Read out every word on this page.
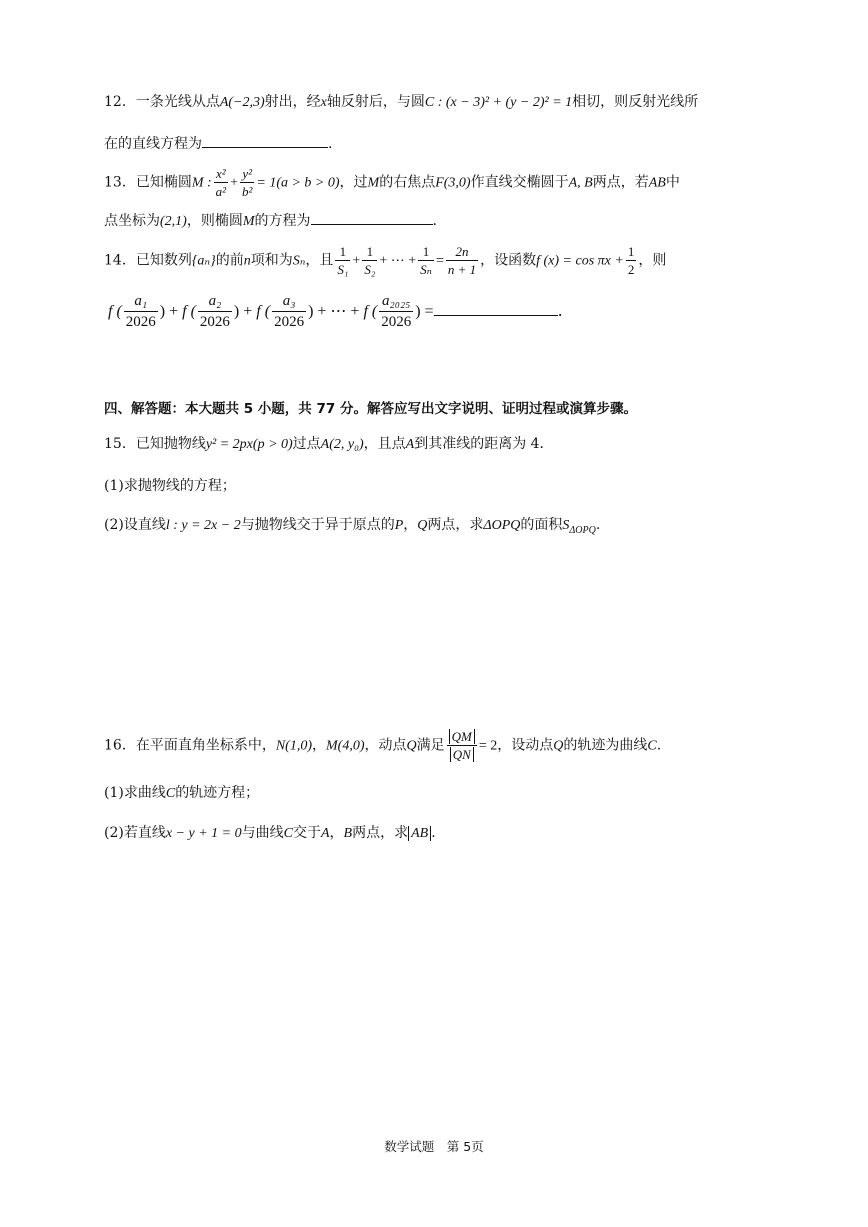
12．一条光线从点A(−2,3)射出，经x轴反射后，与圆C : (x − 3)² + (y − 2)² = 1相切，则反射光线所
在的直线方程为	.
13．已知椭圆M : $\frac{\text{x²}}{\text{a²}} + \frac{\text{y²}}{\text{b²}} = 1(a > b > 0)$，过M的右焦点F(3,0)作直线交椭圆于A, B两点，若AB中
点坐标为(2,1)，则椭圆M的方程为	.
14．已知数列{aₙ}的前n项和为Sₙ，且 $\frac{1}{\text{S₁}} + \frac{1}{\text{S₂}}$ + ⋯ + $\frac{1}{\text{Sₙ}} = \frac{2n}{n + 1}$ ，设函数f $(x) = \cos \pi x + \frac{1}{2}$ ，则
f ( $\frac{\text{a₁}}{2026}$ ) + f ( $\frac{\text{a₂}}{2026}$ ) + f ( $\frac{\text{a₃}}{2026}$ ) + ⋯ + f ( $\frac{\text{a₂₀₂₅}}{2026}$ ) =	.
四、解答题：本大题共 5 小题，共 77 分。解答应写出文字说明、证明过程或演算步骤。
15．已知抛物线y² = 2px(p > 0)过点A(2, y₀)，且点A到其准线的距离为 4．
(1)求抛物线的方程；
(2)设直线l : y = 2x − 2与抛物线交于异于原点的P，Q两点，求ΔOPQ的面积$S_{\Delta OPQ}$.
16．在平面直角坐标系中，N(1,0)，M(4,0)，动点Q满足 $\frac{QM}{QN} = 2$，设动点Q的轨迹为曲线C.
(1)求曲线C的轨迹方程；
(2)若直线x − y + 1 = 0与曲线C交于A，B两点，求 AB .
数学试题　第 5页
